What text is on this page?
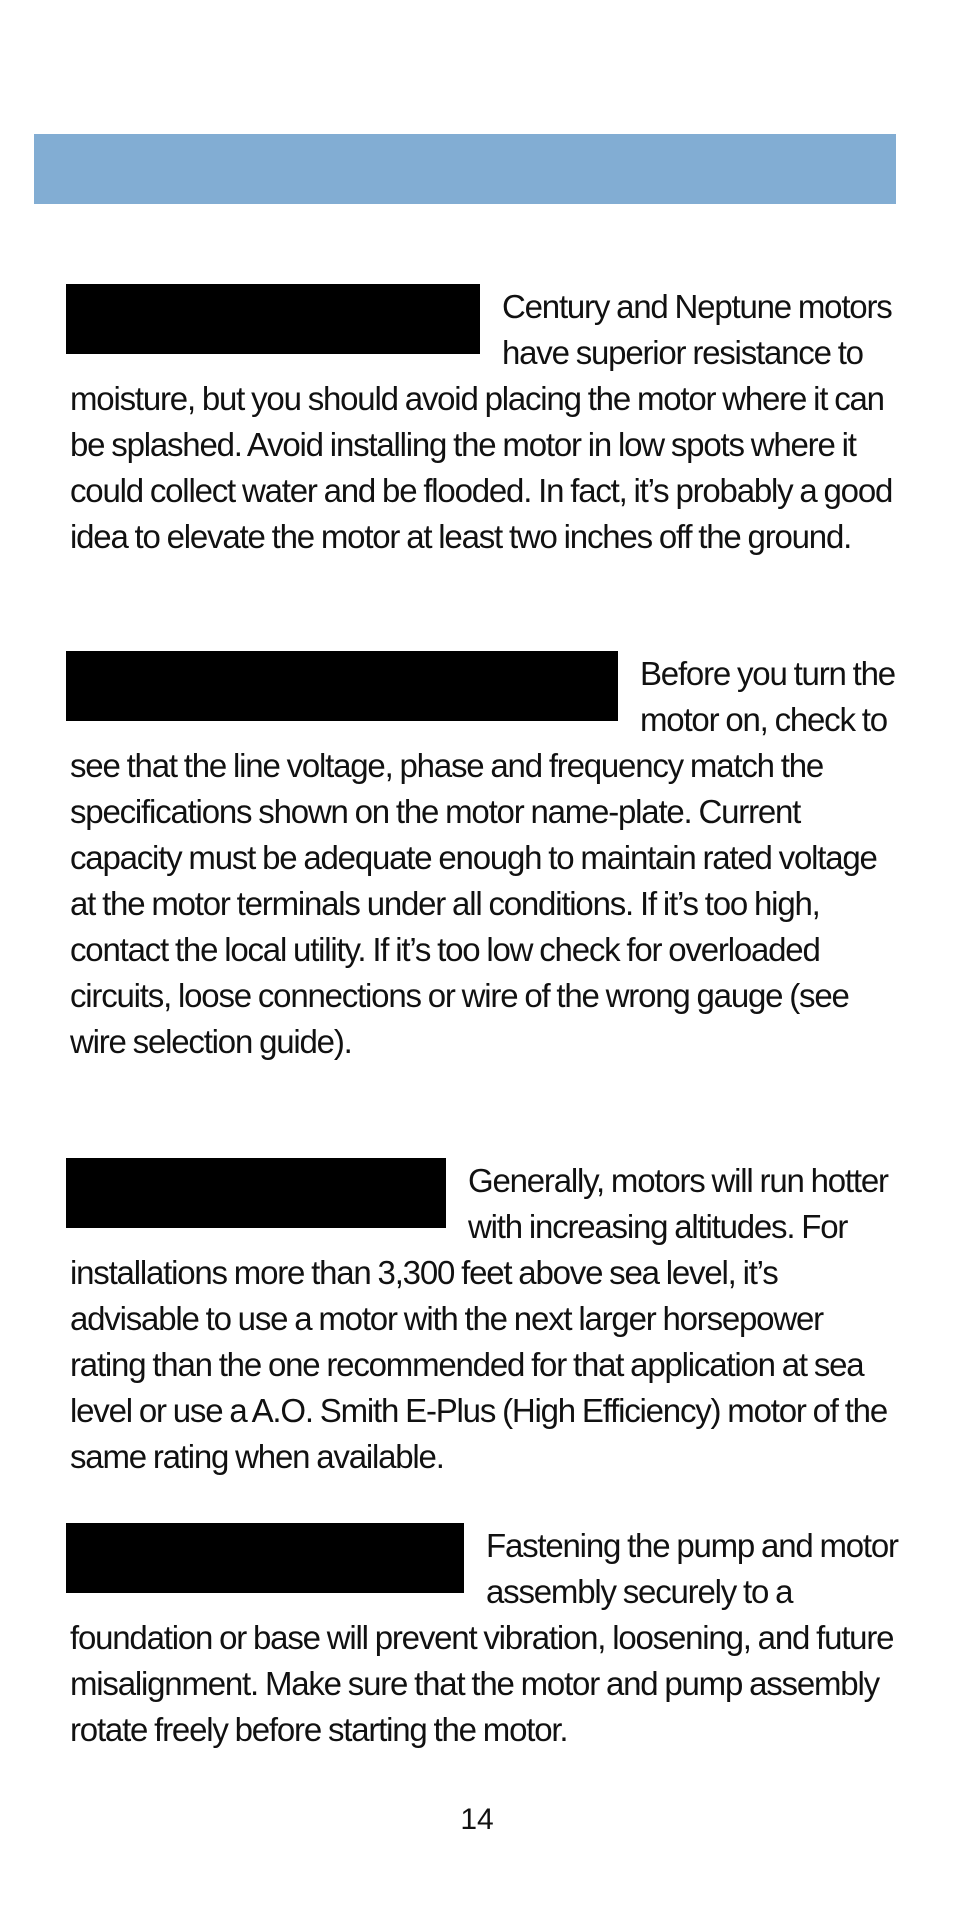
Century and Neptune motors have superior resistance to moisture, but you should avoid placing the motor where it can be splashed. Avoid installing the motor in low spots where it could collect water and be flooded. In fact, it’s probably a good idea to elevate the motor at least two inches off the ground.

Before you turn the motor on, check to see that the line voltage, phase and frequency match the specifications shown on the motor name-plate. Current capacity must be adequate enough to maintain rated voltage at the motor terminals under all conditions. If it’s too high, contact the local utility. If it’s too low check for overloaded circuits, loose connections or wire of the wrong gauge (see wire selection guide).

Generally, motors will run hotter with increasing altitudes. For installations more than 3,300 feet above sea level, it’s advisable to use a motor with the next larger horsepower rating than the one recommended for that application at sea level or use a A.O. Smith E-Plus (High Efficiency) motor of the same rating when available.

Fastening the pump and motor assembly securely to a foundation or base will prevent vibration, loosening, and future misalignment. Make sure that the motor and pump assembly rotate freely before starting the motor.

14
